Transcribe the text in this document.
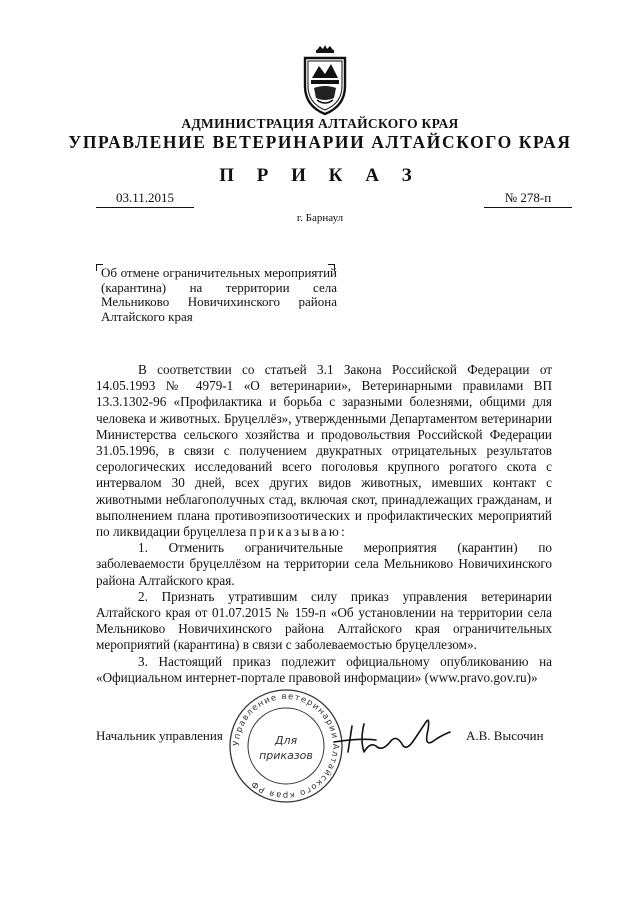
АДМИНИСТРАЦИЯ АЛТАЙСКОГО КРАЯ
УПРАВЛЕНИЕ ВЕТЕРИНАРИИ АЛТАЙСКОГО КРАЯ
П Р И К А З
03.11.2015	№ 278-п
г. Барнаул
Об отмене ограничительных мероприятий (карантина) на территории села Мельниково Новичихинского района Алтайского края

В соответствии со статьей 3.1 Закона Российской Федерации от 14.05.1993 № 4979-1 «О ветеринарии», Ветеринарными правилами ВП 13.3.1302-96 «Профилактика и борьба с заразными болезнями, общими для человека и животных. Бруцеллёз», утвержденными Департаментом ветеринарии Министерства сельского хозяйства и продовольствия Российской Федерации 31.05.1996, в связи с получением двукратных отрицательных результатов серологических исследований всего поголовья крупного рогатого скота с интервалом 30 дней, всех других видов животных, имевших контакт с животными неблагополучных стад, включая скот, принадлежащих гражданам, и выполнением плана противоэпизоотических и профилактических мероприятий по ликвидации бруцеллеза приказываю:

1. Отменить ограничительные мероприятия (карантин) по заболеваемости бруцеллёзом на территории села Мельниково Новичихинского района Алтайского края.

2. Признать утратившим силу приказ управления ветеринарии Алтайского края от 01.07.2015 № 159-п «Об установлении на территории села Мельниково Новичихинского района Алтайского края ограничительных мероприятий (карантина) в связи с заболеваемостью бруцеллезом».

3. Настоящий приказ подлежит официальному опубликованию на «Официальном интернет-портале правовой информации» (www.pravo.gov.ru)»

Начальник управления Управление ветеринарии Алтайского края РФ
Для
приказов
А.В. Высочин
